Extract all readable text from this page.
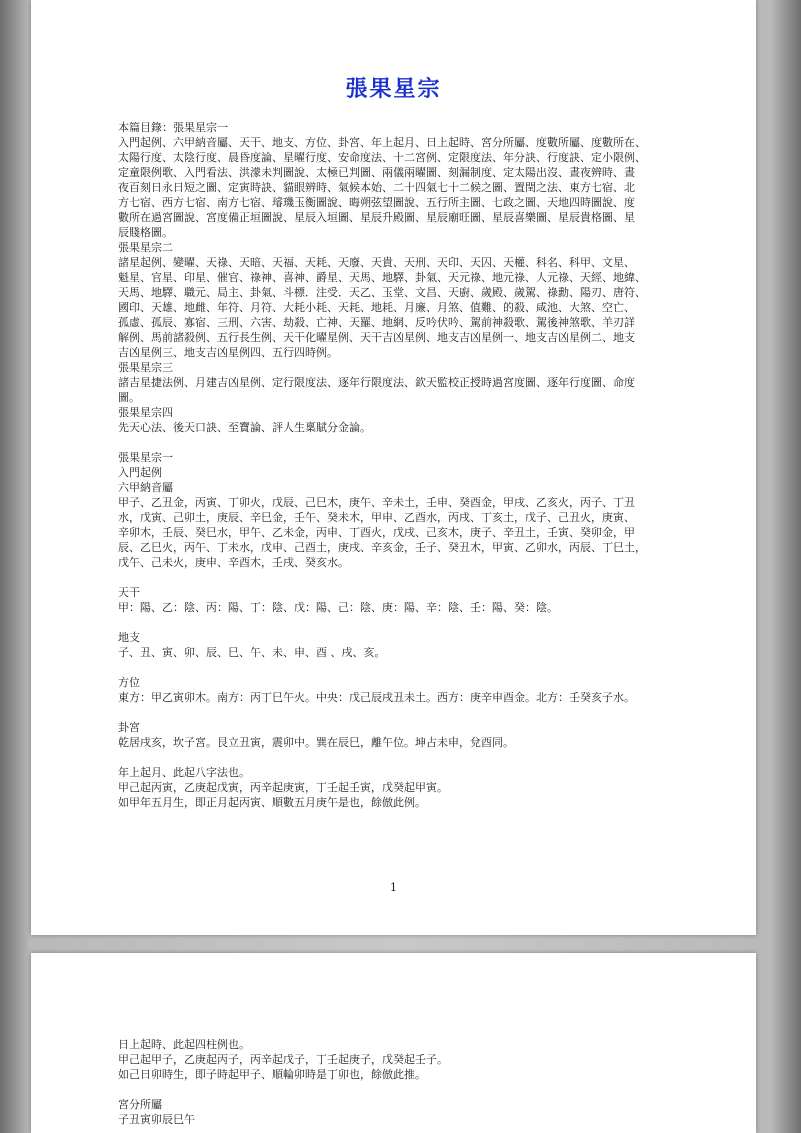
張果星宗
本篇目錄：張果星宗一
入門起例、六甲納音屬、天干、地支、方位、卦宮、年上起月、日上起時、宮分所屬、度數所屬、度數所在、
太陽行度、太陰行度、晨昏度論、星曜行度、安命度法、十二宮例、定限度法、年分訣、行度訣、定小限例、
定童限例歌、入門看法、洪濛未判圖說、太極已判圖、兩儀兩曜圖、刻漏制度、定太陽出沒、晝夜辨時、晝
夜百刻日永日短之圖、定寅時訣、貓眼辨時、氣候本始、二十四氣七十二候之圖、置閏之法、東方七宿、北
方七宿、西方七宿、南方七宿、璿璣玉衡圖說、晦朔弦望圖說、五行所主圖、七政之圖、天地四時圖說、度
數所在過宮圖說、宮度備正垣圖說、星辰入垣圖、星辰升殿圖、星辰廟旺圖、星辰喜樂圖、星辰貴格圖、星
辰賤格圖。
張果星宗二
諸星起例、變曜、天祿、天暗、天福、天耗、天廢、天貴、天刑、天印、天囚、天權、科名、科甲、文星、
魁星、官星、印星、催官、祿神、喜神、爵星、天馬、地驛、卦氣、天元祿、地元祿、人元祿、天經、地緯、
天馬、地驛、職元、局主、卦氣、斗標．注受．天乙、玉堂、文昌、天廚、歲殿、歲駕、祿勳、陽刃、唐符、
國印、天雄、地雌、年符、月符、大耗小耗、天耗、地耗、月廉、月煞、值難、的殺、咸池、大煞、空亡、
孤虛、孤辰、寡宿、三刑、六害、劫殺、亡神、天羅、地網、反吟伏吟、駕前神殺歌、駕後神煞歌、羊刃詳
解例、馬前諸殺例、五行長生例、天干化曜星例、天干吉凶星例、地支吉凶星例一、地支吉凶星例二、地支
吉凶星例三、地支吉凶星例四、五行四時例。
張果星宗三
諸吉星捷法例、月建吉凶星例、定行限度法、逐年行限度法、欽天監校正授時過宮度圖、逐年行度圖、命度
圖。
張果星宗四
先天心法、後天口訣、至寶論、評人生稟賦分金論。
張果星宗一
入門起例
六甲納音屬
甲子、乙丑金，丙寅、丁卯火，戊辰、己巳木，庚午、辛未土，壬申、癸酉金，甲戌、乙亥火，丙子、丁丑
水，戊寅、己卯土，庚辰、辛巳金，壬午、癸未木，甲申、乙酉水，丙戌、丁亥土，戊子、己丑火，庚寅、
辛卯木，壬辰、癸巳水，甲午、乙未金，丙申、丁酉火，戊戌、己亥木，庚子、辛丑土，壬寅、癸卯金，甲
辰、乙巳火，丙午、丁未水，戊申、己酉土，庚戌、辛亥金，壬子、癸丑木，甲寅、乙卯水，丙辰、丁巳土，
戊午、己未火，庚申、辛酉木，壬戌、癸亥水。
天干
甲：陽、乙：陰、丙：陽、丁：陰、戊：陽、己：陰、庚：陽、辛：陰、壬：陽、癸：陰。
地支
子、丑、寅、卯、辰、巳、午、未、申、酉 、戌、亥。
方位
東方：甲乙寅卯木。南方：丙丁巳午火。中央：戊己辰戌丑未土。西方：庚辛申酉金。北方：壬癸亥子水。
卦宮
乾居戌亥，坎子宮。艮立丑寅，震卯中。巽在辰巳，離午位。坤占未申，兌酉同。
年上起月、此起八字法也。
甲己起丙寅，乙庚起戊寅，丙辛起庚寅，丁壬起壬寅，戊癸起甲寅。
如甲年五月生，即正月起丙寅、順數五月庚午是也，餘倣此例。
1
日上起時、此起四柱例也。
甲己起甲子，乙庚起丙子，丙辛起戊子，丁壬起庚子，戊癸起壬子。
如己日卯時生，即子時起甲子、順輪卯時是丁卯也，餘倣此推。
宮分所屬
子丑寅卯辰巳午
